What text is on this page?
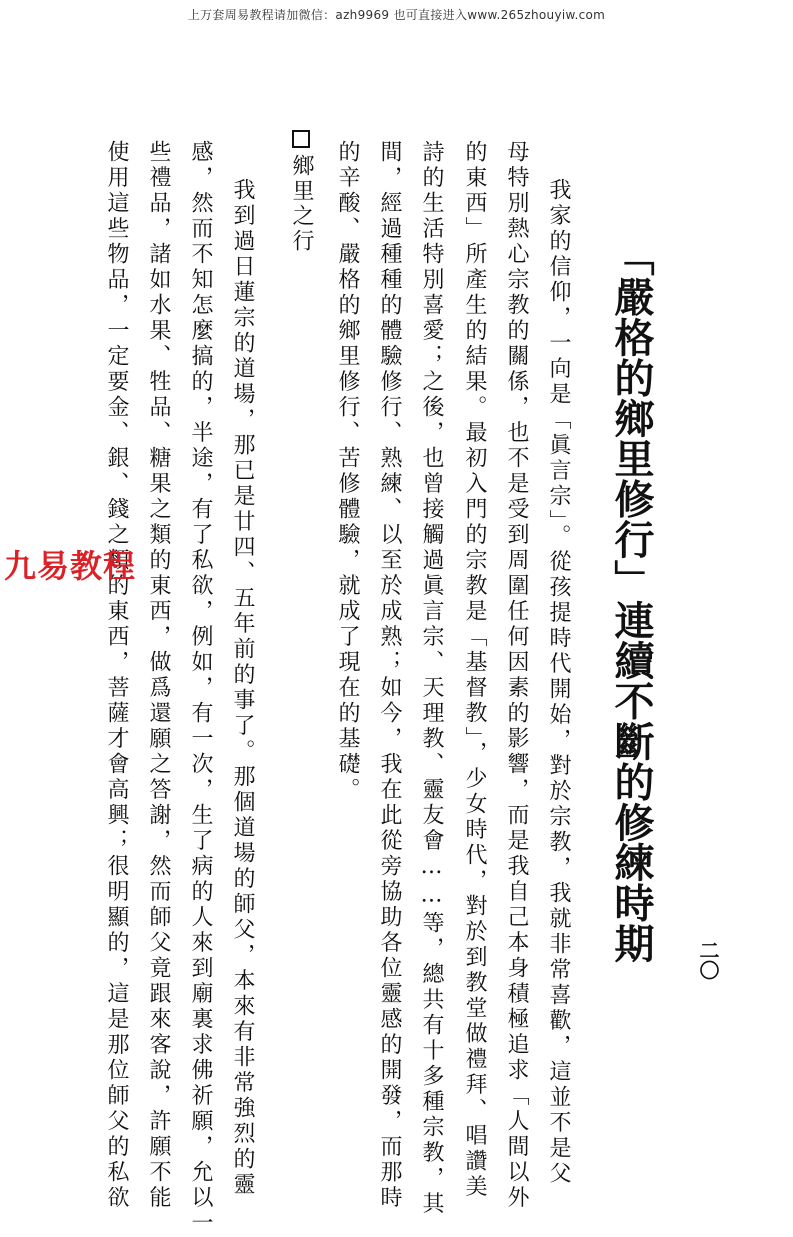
上万套周易教程请加微信：azh9969 也可直接进入www.265zhouyiw.com
「嚴格的鄉里修行」連續不斷的修練時期 二〇
我家的信仰，一向是「眞言宗」。從孩提時代開始，對於宗教，我就非常喜歡，這並不是父
母特別熱心宗教的關係，也不是受到周圍任何因素的影響，而是我自己本身積極追求「人間以外
的東西」所產生的結果。最初入門的宗教是「基督教」，少女時代，對於到教堂做禮拜、唱讚美
詩的生活特別喜愛；之後，也曾接觸過眞言宗、天理教、靈友會……等，總共有十多種宗教，其
間，經過種種的體驗修行、熟練、以至於成熟；如今，我在此從旁協助各位靈感的開發，而那時
的辛酸、嚴格的鄉里修行、苦修體驗，就成了現在的基礎。
鄉里之行
我到過日蓮宗的道場，那已是廿四、五年前的事了。那個道場的師父，本來有非常強烈的靈
感，然而不知怎麼搞的，半途，有了私欲，例如，有一次，生了病的人來到廟裏求佛祈願，允以一
些禮品，諸如水果、牲品、糖果之類的東西，做爲還願之答謝，然而師父竟跟來客說，許願不能
使用這些物品，一定要金、銀、錢之類的東西，菩薩才會高興；很明顯的，這是那位師父的私欲
九易教程
